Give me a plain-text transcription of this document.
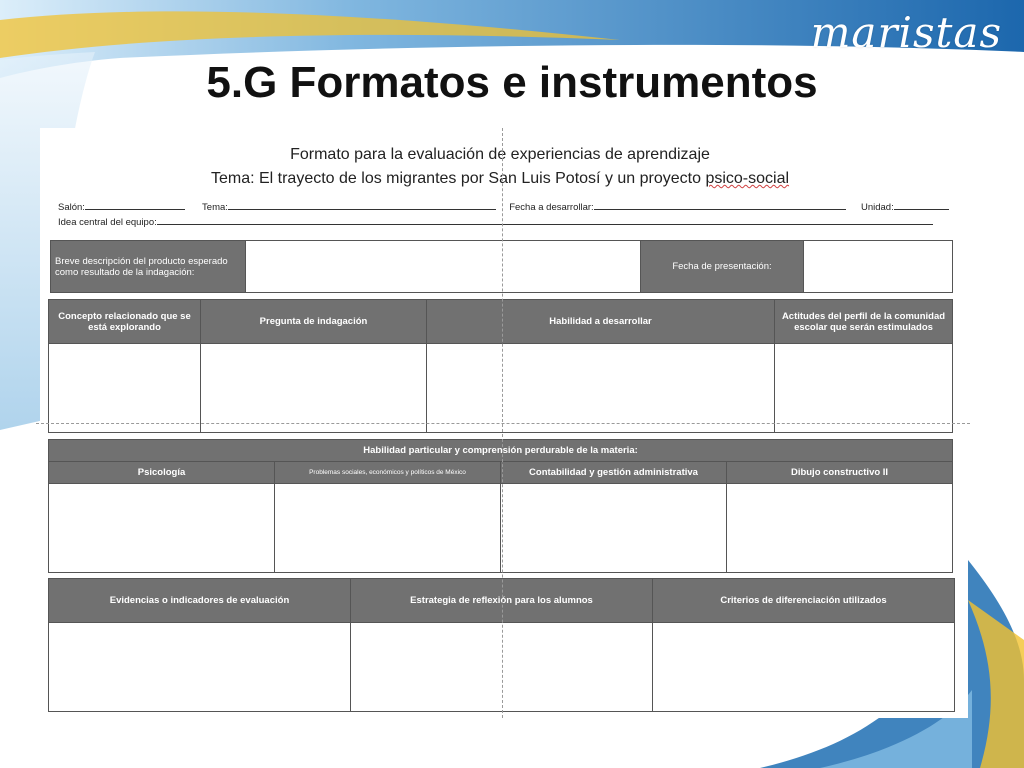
maristas
5.G Formatos e instrumentos
Formato para la evaluación de experiencias de aprendizaje
Tema: El trayecto de los migrantes por San Luis Potosí y un proyecto psico-social
Salón:	Tema:	Fecha a desarrollar:	Unidad:
Idea central del equipo:
Breve descripción del producto esperado como resultado de la indagación:		Fecha de presentación:	
Concepto relacionado que se está explorando	Pregunta de indagación	Habilidad a desarrollar	Actitudes del perfil de la comunidad escolar que serán estimulados

Habilidad particular y comprensión perdurable de la materia:			
Psicología	Problemas sociales, económicos y políticos de México	Contabilidad y gestión administrativa	Dibujo constructivo II

Evidencias o indicadores de evaluación	Estrategia de reflexión para los alumnos	Criterios de diferenciación utilizados
